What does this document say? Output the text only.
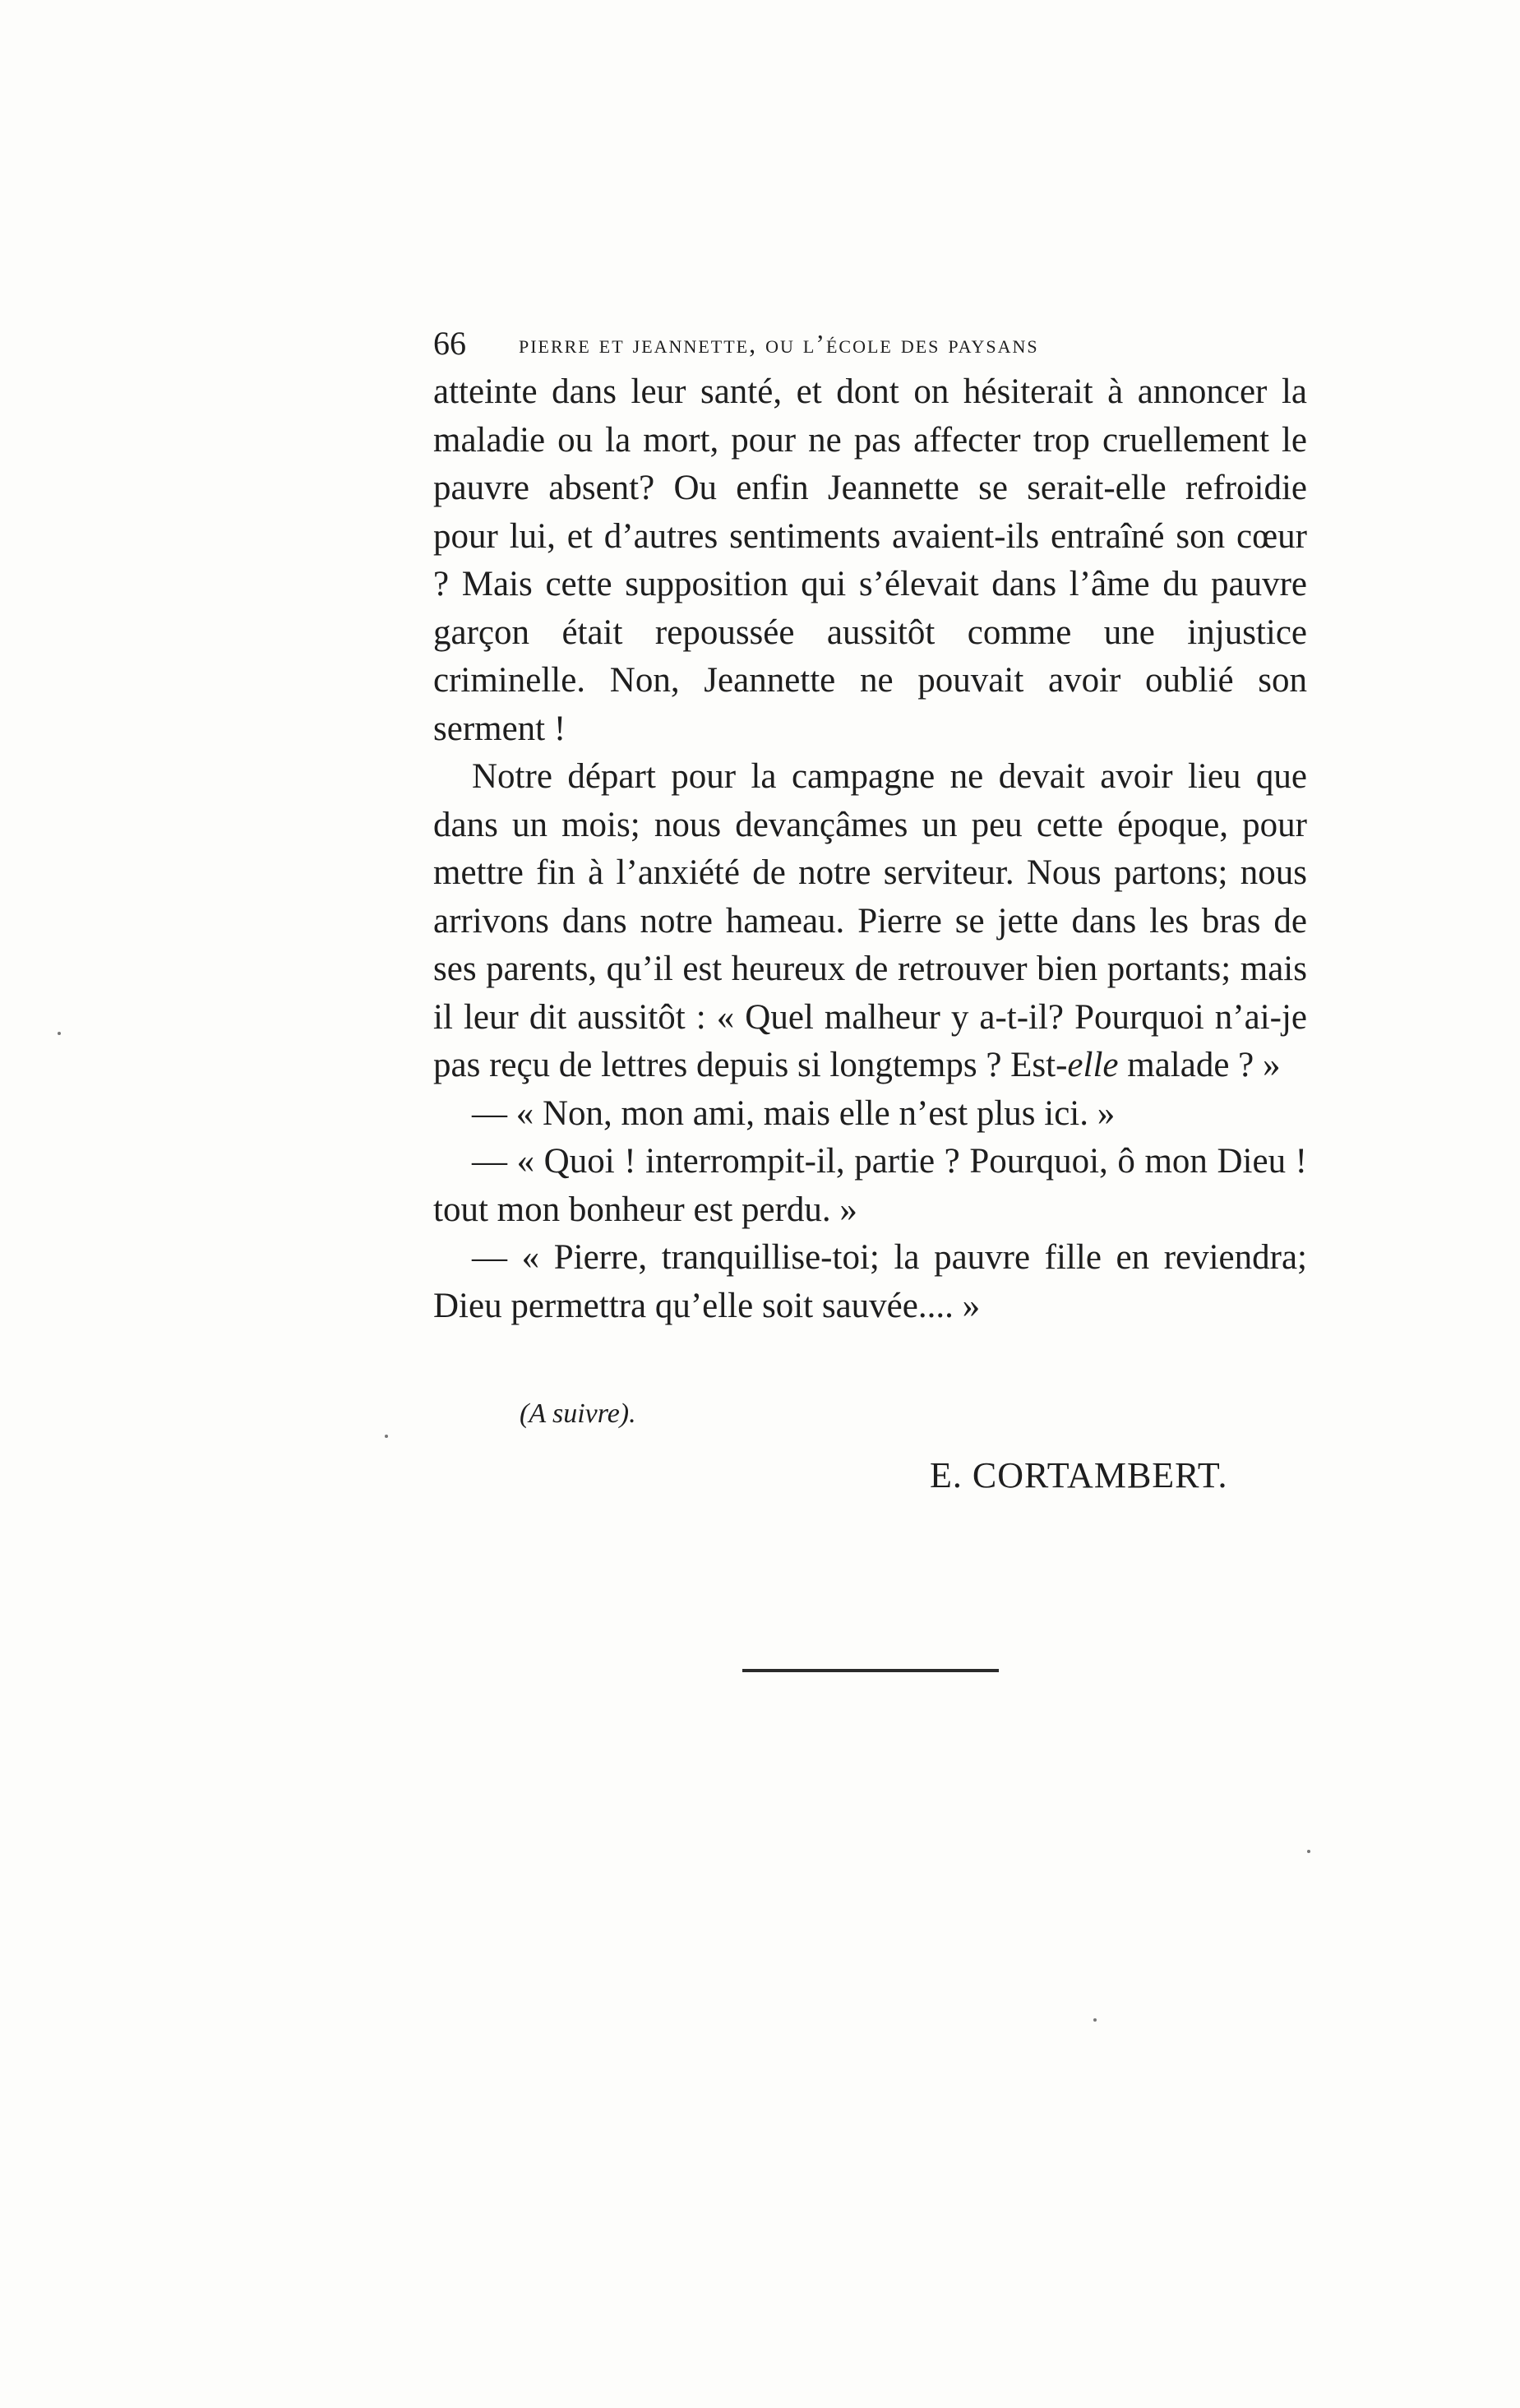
66 pierre et jeannette, ou l’école des paysans

atteinte dans leur santé, et dont on hésiterait à annoncer la maladie ou la mort, pour ne pas affecter trop cruellement le pauvre absent? Ou enfin Jeannette se serait-elle refroidie pour lui, et d’autres sentiments avaient-ils entraîné son cœur ? Mais cette supposition qui s’élevait dans l’âme du pauvre garçon était repoussée aussitôt comme une injustice criminelle. Non, Jeannette ne pouvait avoir oublié son serment !

Notre départ pour la campagne ne devait avoir lieu que dans un mois; nous devançâmes un peu cette époque, pour mettre fin à l’anxiété de notre serviteur. Nous partons; nous arrivons dans notre hameau. Pierre se jette dans les bras de ses parents, qu’il est heureux de retrouver bien portants; mais il leur dit aussitôt : « Quel malheur y a-t-il? Pourquoi n’ai-je pas reçu de lettres depuis si longtemps ? Est-elle malade ? »

— « Non, mon ami, mais elle n’est plus ici. »

— « Quoi ! interrompit-il, partie ? Pourquoi, ô mon Dieu ! tout mon bonheur est perdu. »

— « Pierre, tranquillise-toi; la pauvre fille en reviendra; Dieu permettra qu’elle soit sauvée.... »

(A suivre).
E. CORTAMBERT.
